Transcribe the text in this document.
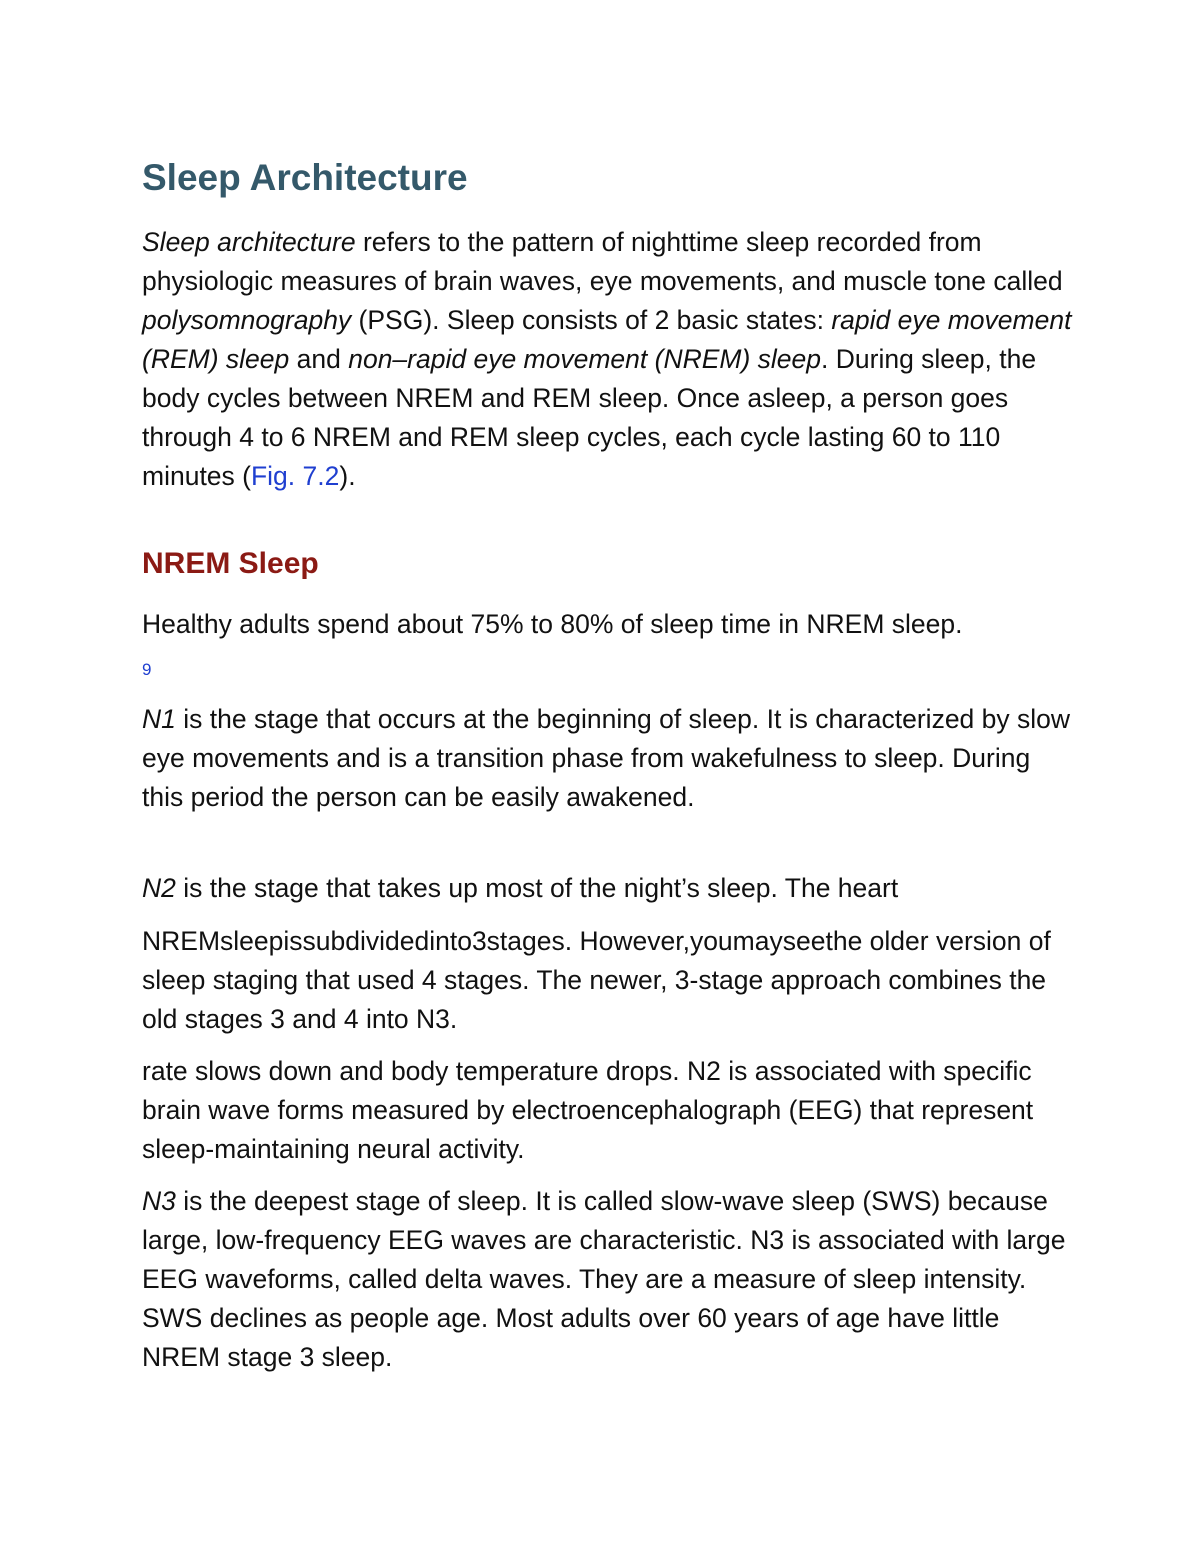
Sleep Architecture

Sleep architecture refers to the pattern of nighttime sleep recorded from physiologic measures of brain waves, eye movements, and muscle tone called polysomnography (PSG). Sleep consists of 2 basic states: rapid eye movement (REM) sleep and non–rapid eye movement (NREM) sleep. During sleep, the body cycles between NREM and REM sleep. Once asleep, a person goes through 4 to 6 NREM and REM sleep cycles, each cycle lasting 60 to 110 minutes (Fig. 7.2).

NREM Sleep

Healthy adults spend about 75% to 80% of sleep time in NREM sleep.

9

N1 is the stage that occurs at the beginning of sleep. It is characterized by slow eye movements and is a transition phase from wakefulness to sleep. During this period the person can be easily awakened.

N2 is the stage that takes up most of the night’s sleep. The heart

NREMsleepissubdividedinto3stages. However,youmayseethe older version of sleep staging that used 4 stages. The newer, 3-stage approach combines the old stages 3 and 4 into N3.

rate slows down and body temperature drops. N2 is associated with specific brain wave forms measured by electroencephalograph (EEG) that represent sleep-maintaining neural activity.

N3 is the deepest stage of sleep. It is called slow-wave sleep (SWS) because large, low-frequency EEG waves are characteristic. N3 is associated with large EEG waveforms, called delta waves. They are a measure of sleep intensity. SWS declines as people age. Most adults over 60 years of age have little NREM stage 3 sleep.
